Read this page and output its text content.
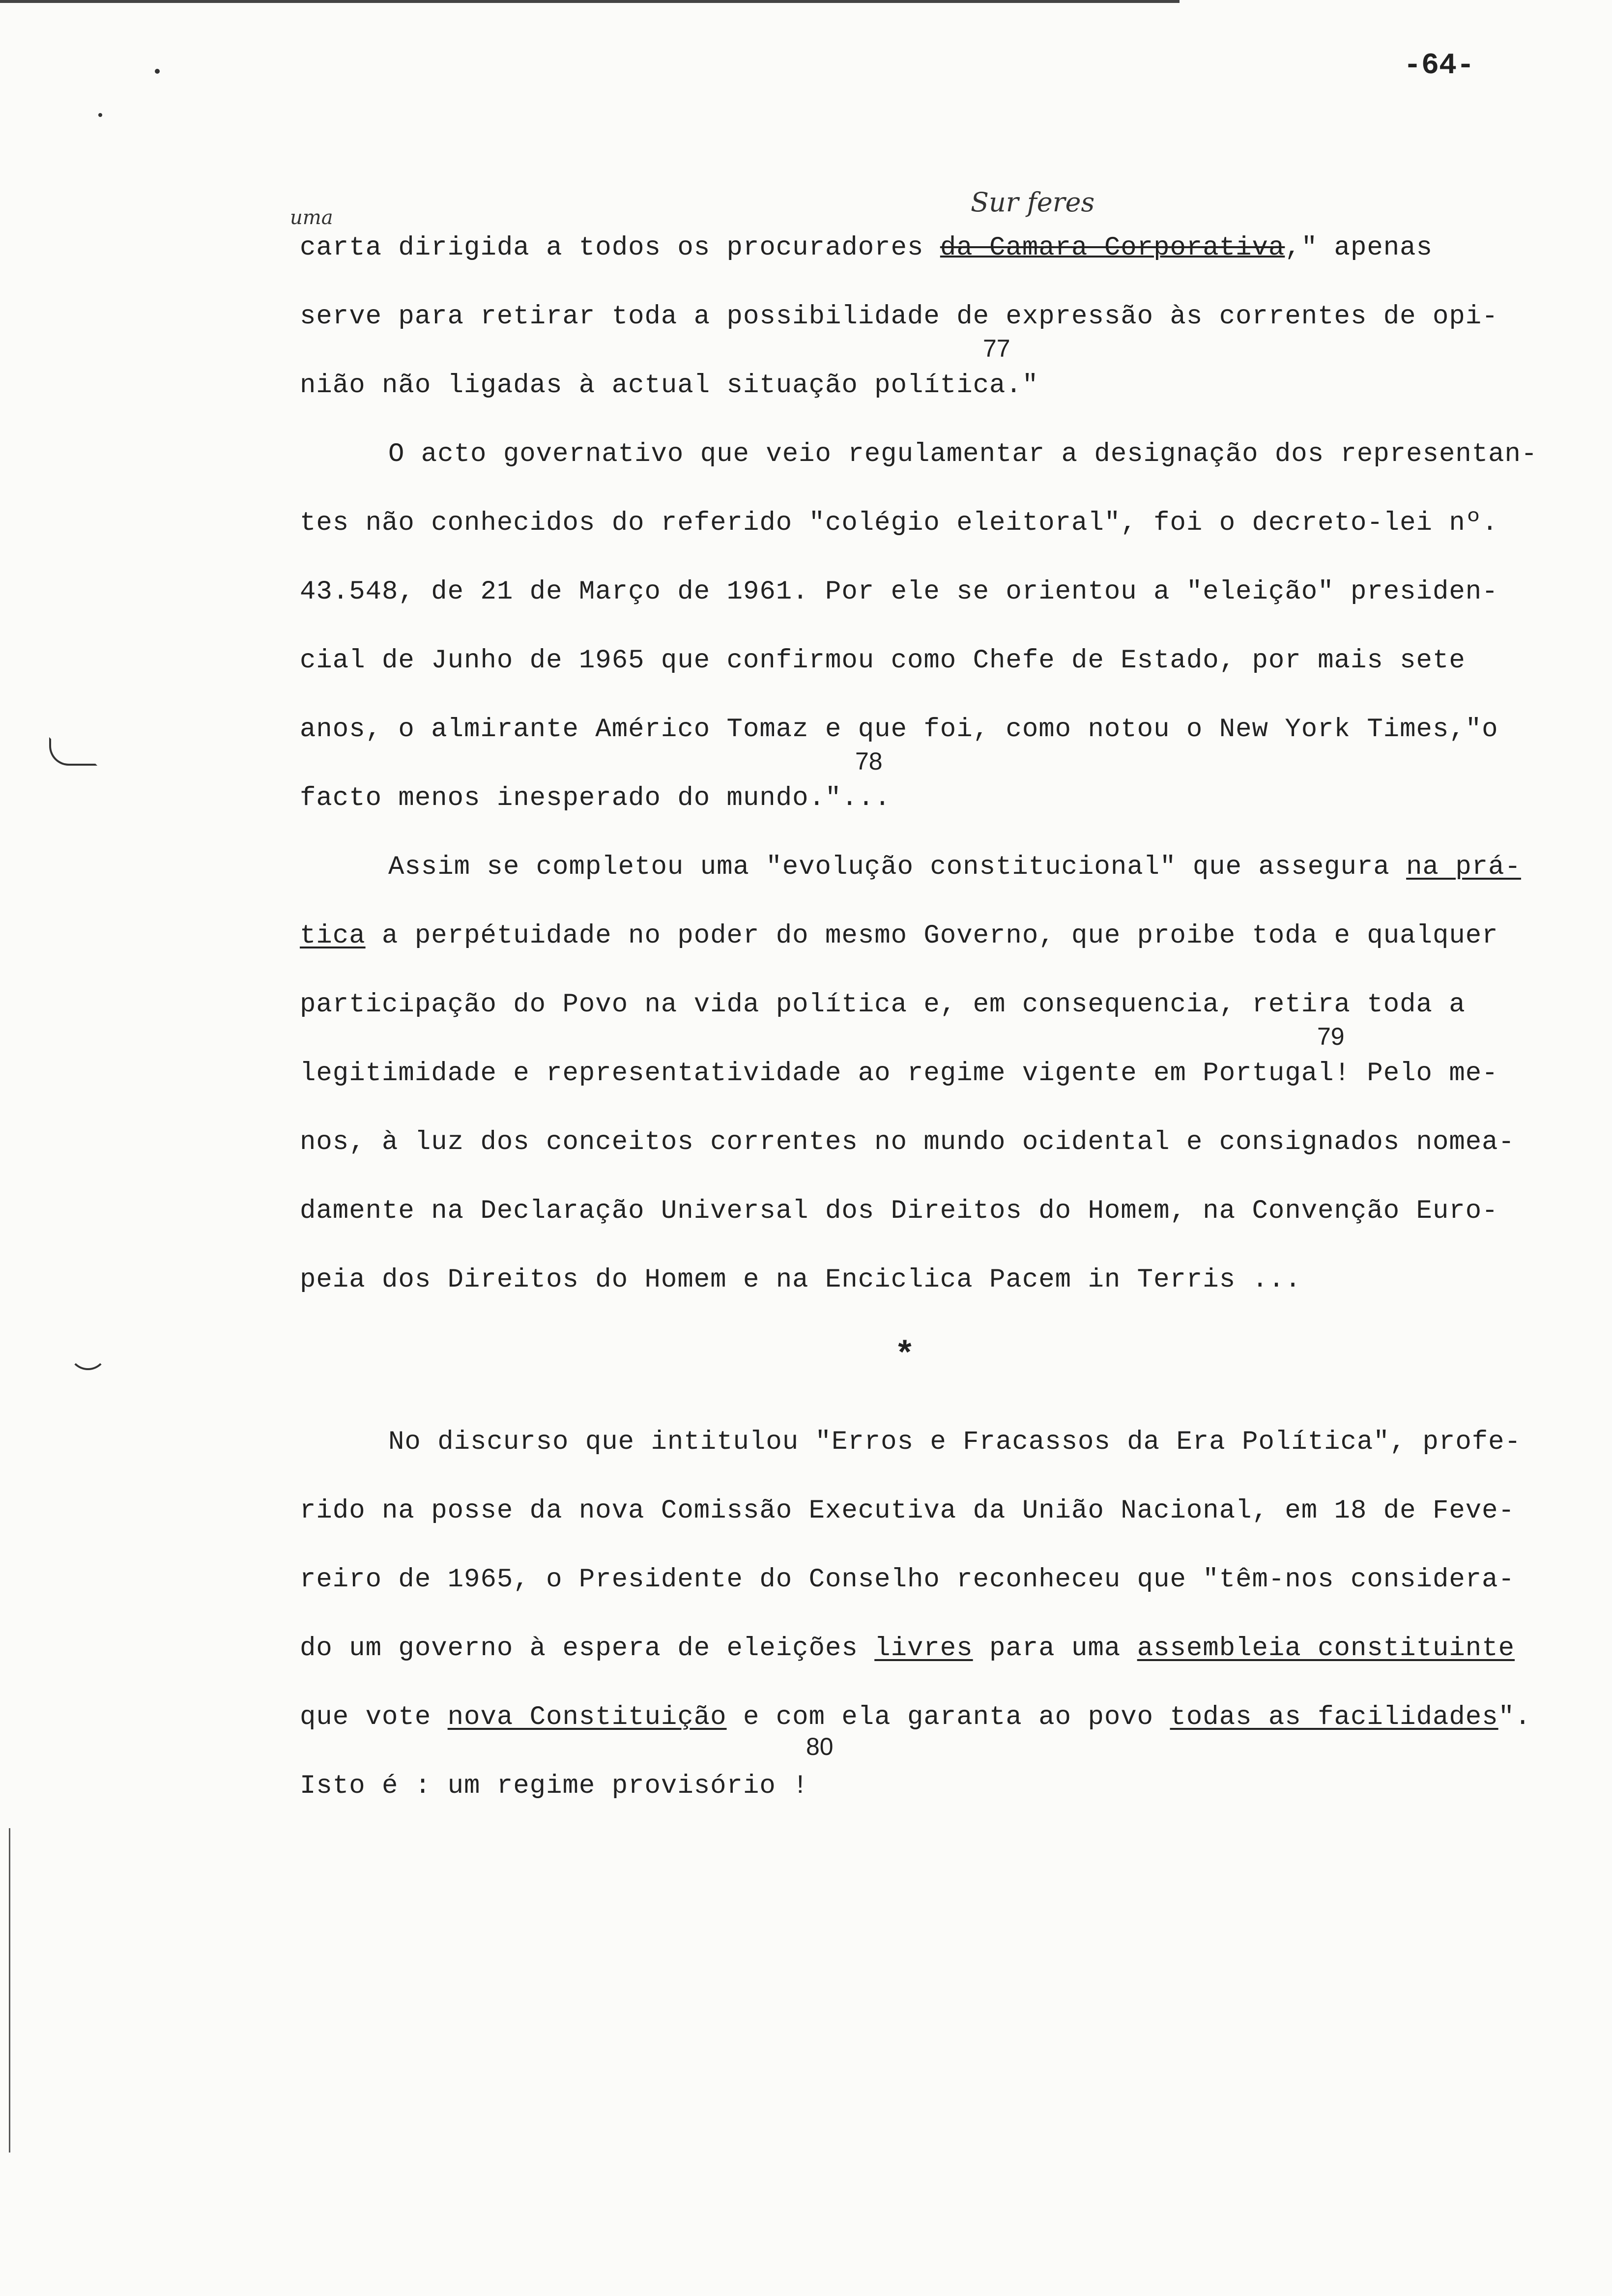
-64-
uma	Sur feres
carta dirigida a todos os procuradores da Camara Corporativa," apenas
serve para retirar toda a possibilidade de expressão às correntes de opi-
nião não ligadas à actual situação política."
O acto governativo que veio regulamentar a designação dos representan-
tes não conhecidos do referido "colégio eleitoral", foi o decreto-lei nº.
43.548, de 21 de Março de 1961. Por ele se orientou a "eleição" presiden-
cial de Junho de 1965 que confirmou como Chefe de Estado, por mais sete
anos, o almirante Américo Tomaz e que foi, como notou o New York Times,"o
facto menos inesperado do mundo."...
Assim se completou uma "evolução constitucional" que assegura na prá-
tica a perpétuidade no poder do mesmo Governo, que proibe toda e qualquer
participação do Povo na vida política e, em consequencia, retira toda a
legitimidade e representatividade ao regime vigente em Portugal! Pelo me-
nos, à luz dos conceitos correntes no mundo ocidental e consignados nomea-
damente na Declaração Universal dos Direitos do Homem, na Convenção Euro-
peia dos Direitos do Homem e na Enciclica Pacem in Terris ...
No discurso que intitulou "Erros e Fracassos da Era Política", profe-
rido na posse da nova Comissão Executiva da União Nacional, em 18 de Feve-
reiro de 1965, o Presidente do Conselho reconheceu que "têm-nos considera-
do um governo à espera de eleições livres para uma assembleia constituinte
que vote nova Constituição e com ela garanta ao povo todas as facilidades".
Isto é : um regime provisório !
*
77
78
79
80
